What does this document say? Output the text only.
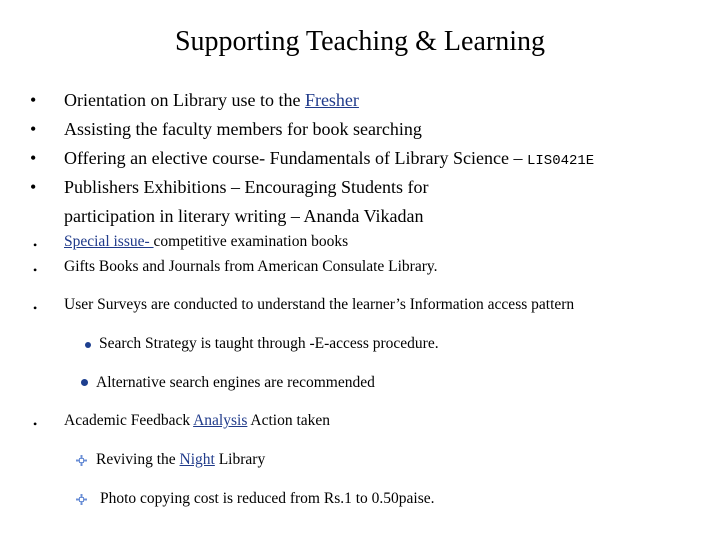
Supporting Teaching & Learning
• Orientation on Library use to the Fresher
• Assisting the faculty members for book searching
• Offering an elective course- Fundamentals of Library Science – LIS0421E
• Publishers Exhibitions – Encouraging Students for
participation in literary writing – Ananda Vikadan
• Special issue- competitive examination books
• Gifts Books and Journals from American Consulate Library.
• User Surveys are conducted to understand the learner’s Information access pattern
Search Strategy is taught through -E-access procedure.
Alternative search engines are recommended
• Academic Feedback Analysis Action taken
Reviving the Night Library
Photo copying cost is reduced from Rs.1 to 0.50paise.
